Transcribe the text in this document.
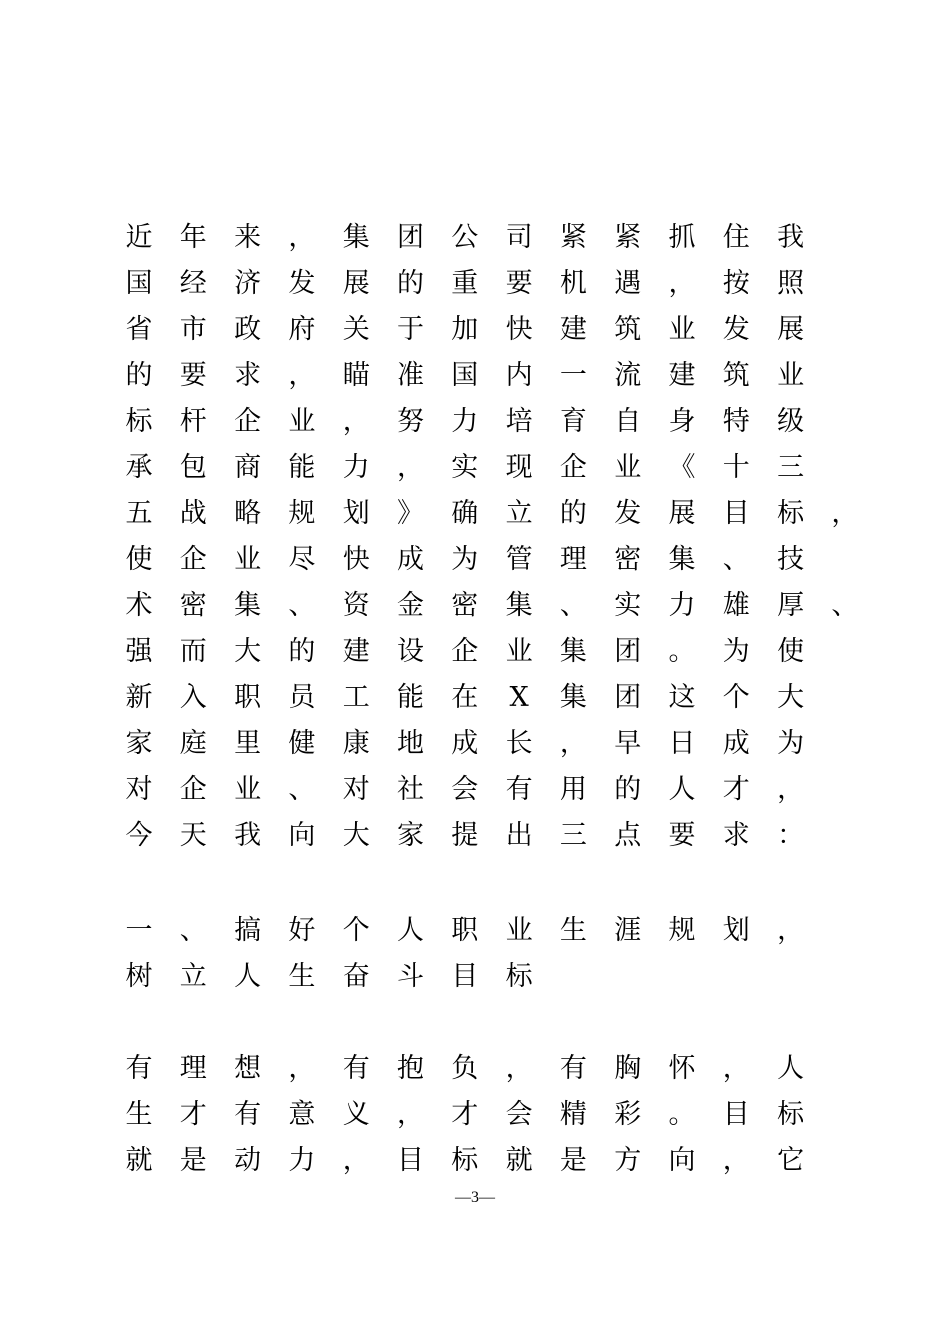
近 年 来 ， 集 团 公 司 紧 紧 抓 住 我
国 经 济 发 展 的 重 要 机 遇 ， 按 照
省 市 政 府 关 于 加 快 建 筑 业 发 展
的 要 求 ， 瞄 准 国 内 一 流 建 筑 业
标 杆 企 业 ， 努 力 培 育 自 身 特 级
承 包 商 能 力 ， 实 现 企 业 《 十 三
五 战 略 规 划 》 确 立 的 发 展 目 标 ，
使 企 业 尽 快 成 为 管 理 密 集 、 技
术 密 集 、 资 金 密 集 、 实 力 雄 厚 、
强 而 大 的 建 设 企 业 集 团 。 为 使
新 入 职 员 工 能 在 X 集 团 这 个 大
家 庭 里 健 康 地 成 长 ， 早 日 成 为
对 企 业 、 对 社 会 有 用 的 人 才 ，
今 天 我 向 大 家 提 出 三 点 要 求 ：
一 、 搞 好 个 人 职 业 生 涯 规 划 ，
树 立 人 生 奋 斗 目 标
有 理 想 ， 有 抱 负 ， 有 胸 怀 ， 人
生 才 有 意 义 ， 才 会 精 彩 。 目 标
就 是 动 力 ， 目 标 就 是 方 向 ， 它
—3—
